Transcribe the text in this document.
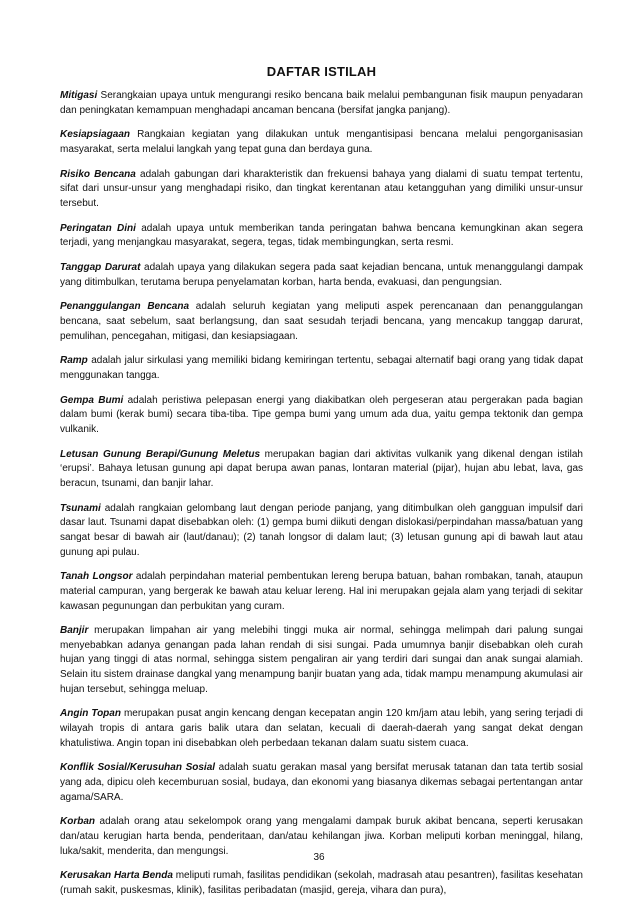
DAFTAR ISTILAH

Mitigasi Serangkaian upaya untuk mengurangi resiko bencana baik melalui pembangunan fisik maupun penyadaran dan peningkatan kemampuan menghadapi ancaman bencana (bersifat jangka panjang).

Kesiapsiagaan Rangkaian kegiatan yang dilakukan untuk mengantisipasi bencana melalui pengorganisasian masyarakat, serta melalui langkah yang tepat guna dan berdaya guna.

Risiko Bencana adalah gabungan dari kharakteristik dan frekuensi bahaya yang dialami di suatu tempat tertentu, sifat dari unsur-unsur yang menghadapi risiko, dan tingkat kerentanan atau ketangguhan yang dimiliki unsur-unsur tersebut.

Peringatan Dini adalah upaya untuk memberikan tanda peringatan bahwa bencana kemungkinan akan segera terjadi, yang menjangkau masyarakat, segera, tegas, tidak membingungkan, serta resmi.

Tanggap Darurat adalah upaya yang dilakukan segera pada saat kejadian bencana, untuk menanggulangi dampak yang ditimbulkan, terutama berupa penyelamatan korban, harta benda, evakuasi, dan pengungsian.

Penanggulangan Bencana adalah seluruh kegiatan yang meliputi aspek perencanaan dan penanggulangan bencana, saat sebelum, saat berlangsung, dan saat sesudah terjadi bencana, yang mencakup tanggap darurat, pemulihan, pencegahan, mitigasi, dan kesiapsiagaan.

Ramp adalah jalur sirkulasi yang memiliki bidang kemiringan tertentu, sebagai alternatif bagi orang yang tidak dapat menggunakan tangga.

Gempa Bumi adalah peristiwa pelepasan energi yang diakibatkan oleh pergeseran atau pergerakan pada bagian dalam bumi (kerak bumi) secara tiba-tiba. Tipe gempa bumi yang umum ada dua, yaitu gempa tektonik dan gempa vulkanik.

Letusan Gunung Berapi/Gunung Meletus merupakan bagian dari aktivitas vulkanik yang dikenal dengan istilah ‘erupsi’. Bahaya letusan gunung api dapat berupa awan panas, lontaran material (pijar), hujan abu lebat, lava, gas beracun, tsunami, dan banjir lahar.

Tsunami adalah rangkaian gelombang laut dengan periode panjang, yang ditimbulkan oleh gangguan impulsif dari dasar laut. Tsunami dapat disebabkan oleh: (1) gempa bumi diikuti dengan dislokasi/perpindahan massa/batuan yang sangat besar di bawah air (laut/danau); (2) tanah longsor di dalam laut; (3) letusan gunung api di bawah laut atau gunung api pulau.

Tanah Longsor adalah perpindahan material pembentukan lereng berupa batuan, bahan rombakan, tanah, ataupun material campuran, yang bergerak ke bawah atau keluar lereng. Hal ini merupakan gejala alam yang terjadi di sekitar kawasan pegunungan dan perbukitan yang curam.

Banjir merupakan limpahan air yang melebihi tinggi muka air normal, sehingga melimpah dari palung sungai menyebabkan adanya genangan pada lahan rendah di sisi sungai. Pada umumnya banjir disebabkan oleh curah hujan yang tinggi di atas normal, sehingga sistem pengaliran air yang terdiri dari sungai dan anak sungai alamiah. Selain itu sistem drainase dangkal yang menampung banjir buatan yang ada, tidak mampu menampung akumulasi air hujan tersebut, sehingga meluap.

Angin Topan merupakan pusat angin kencang dengan kecepatan angin 120 km/jam atau lebih, yang sering terjadi di wilayah tropis di antara garis balik utara dan selatan, kecuali di daerah-daerah yang sangat dekat dengan khatulistiwa. Angin topan ini disebabkan oleh perbedaan tekanan dalam suatu sistem cuaca.

Konflik Sosial/Kerusuhan Sosial adalah suatu gerakan masal yang bersifat merusak tatanan dan tata tertib sosial yang ada, dipicu oleh kecemburuan sosial, budaya, dan ekonomi yang biasanya dikemas sebagai pertentangan antar agama/SARA.

Korban adalah orang atau sekelompok orang yang mengalami dampak buruk akibat bencana, seperti kerusakan dan/atau kerugian harta benda, penderitaan, dan/atau kehilangan jiwa. Korban meliputi korban meninggal, hilang, luka/sakit, menderita, dan mengungsi.

Kerusakan Harta Benda meliputi rumah, fasilitas pendidikan (sekolah, madrasah atau pesantren), fasilitas kesehatan (rumah sakit, puskesmas, klinik), fasilitas peribadatan (masjid, gereja, vihara dan pura),

36
